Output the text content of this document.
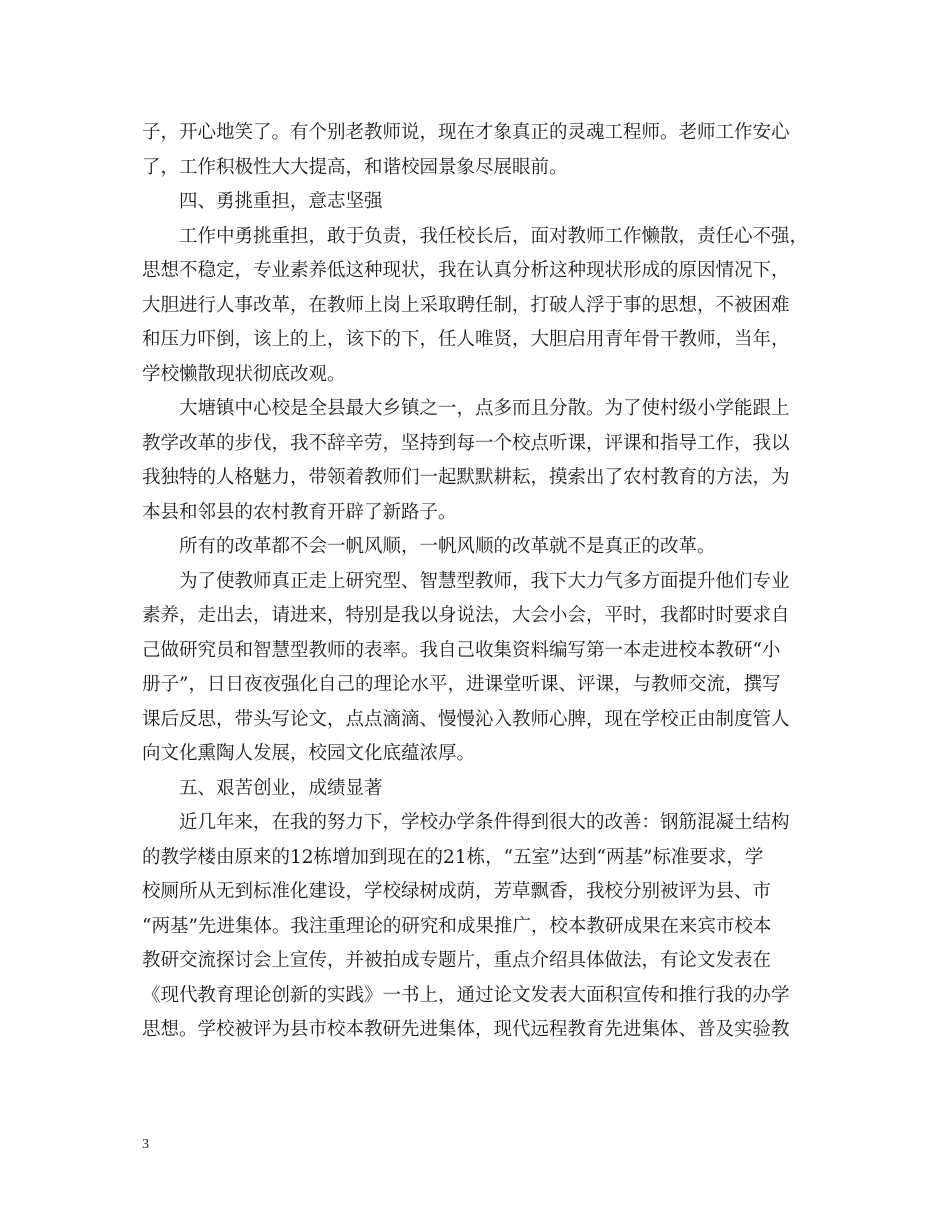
子，开心地笑了。有个别老教师说，现在才象真正的灵魂工程师。老师工作安心
了，工作积极性大大提高，和谐校园景象尽展眼前。
四、勇挑重担，意志坚强
工作中勇挑重担，敢于负责，我任校长后，面对教师工作懒散，责任心不强，
思想不稳定，专业素养低这种现状，我在认真分析这种现状形成的原因情况下，
大胆进行人事改革，在教师上岗上采取聘任制，打破人浮于事的思想，不被困难
和压力吓倒，该上的上，该下的下，任人唯贤，大胆启用青年骨干教师，当年，
学校懒散现状彻底改观。
大塘镇中心校是全县最大乡镇之一，点多而且分散。为了使村级小学能跟上
教学改革的步伐，我不辞辛劳，坚持到每一个校点听课，评课和指导工作，我以
我独特的人格魅力，带领着教师们一起默默耕耘，摸索出了农村教育的方法，为
本县和邻县的农村教育开辟了新路子。
所有的改革都不会一帆风顺，一帆风顺的改革就不是真正的改革。
为了使教师真正走上研究型、智慧型教师，我下大力气多方面提升他们专业
素养，走出去，请进来，特别是我以身说法，大会小会，平时，我都时时要求自
己做研究员和智慧型教师的表率。我自己收集资料编写第一本走进校本教研“小
册子”，日日夜夜强化自己的理论水平，进课堂听课、评课，与教师交流，撰写
课后反思，带头写论文，点点滴滴、慢慢沁入教师心脾，现在学校正由制度管人
向文化熏陶人发展，校园文化底蕴浓厚。
五、艰苦创业，成绩显著
近几年来，在我的努力下，学校办学条件得到很大的改善：钢筋混凝土结构
的教学楼由原来的12栋增加到现在的21栋，“五室”达到“两基”标准要求，学
校厕所从无到标准化建设，学校绿树成荫，芳草飘香，我校分别被评为县、市
“两基”先进集体。我注重理论的研究和成果推广，校本教研成果在来宾市校本
教研交流探讨会上宣传，并被拍成专题片，重点介绍具体做法，有论文发表在
《现代教育理论创新的实践》一书上，通过论文发表大面积宣传和推行我的办学
思想。学校被评为县市校本教研先进集体，现代远程教育先进集体、普及实验教
3
